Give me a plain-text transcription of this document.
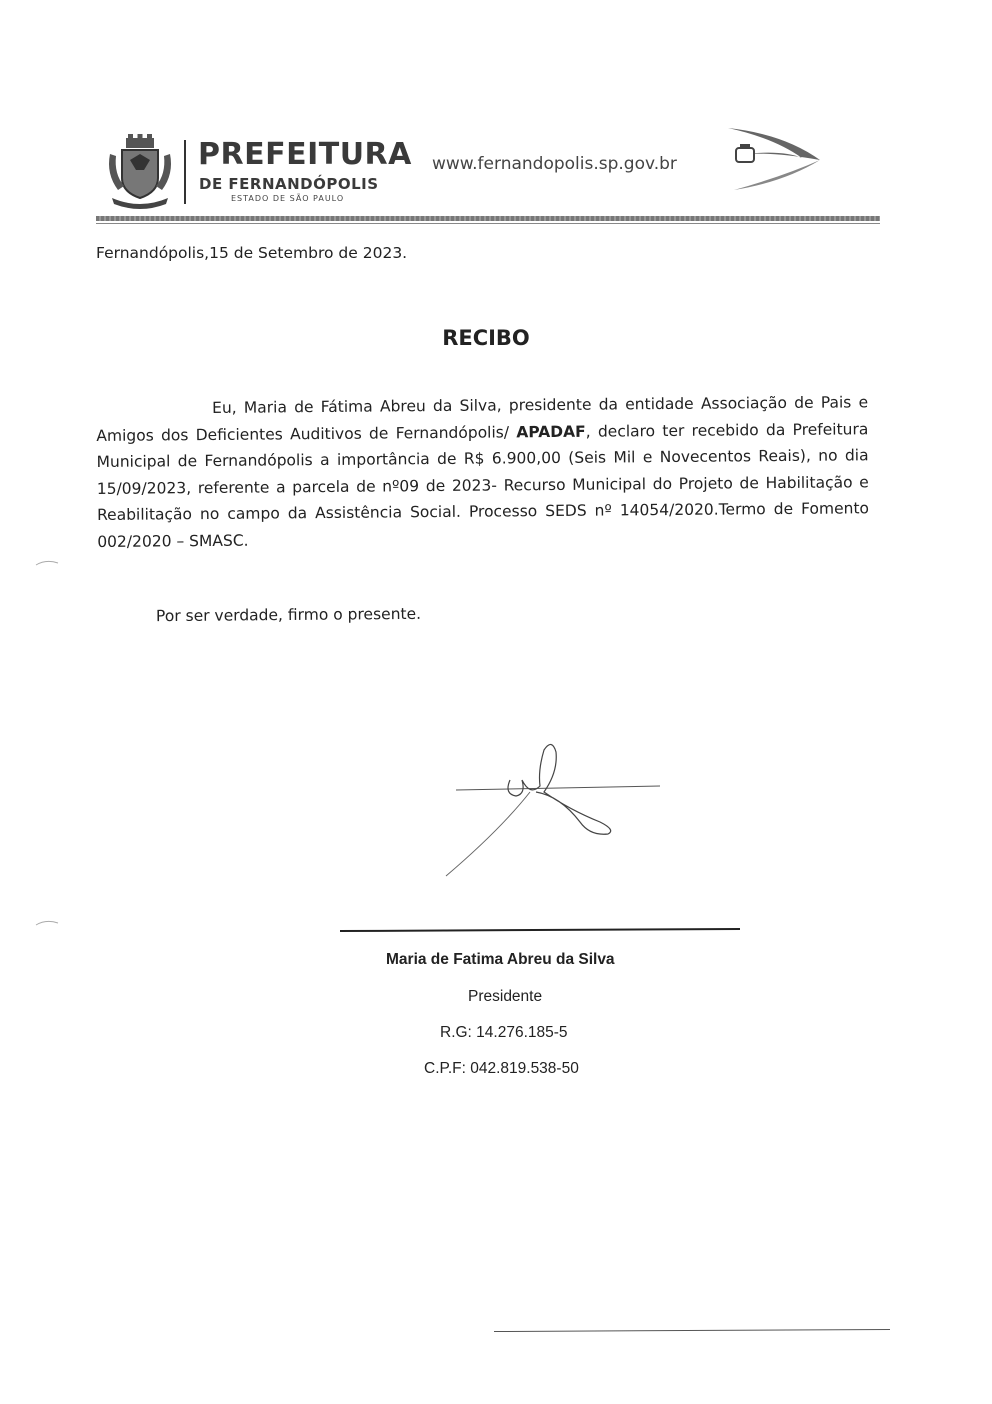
PREFEITURA
DE FERNANDÓPOLIS
ESTADO DE SÃO PAULO
www.fernandopolis.sp.gov.br
Fernandópolis,15 de Setembro de 2023.
RECIBO
Eu, Maria de Fátima Abreu da Silva, presidente da entidade Associação de Pais e Amigos dos Deficientes Auditivos de Fernandópolis/ APADAF, declaro ter recebido da Prefeitura Municipal de Fernandópolis a importância de R$ 6.900,00 (Seis Mil e Novecentos Reais), no dia 15/09/2023, referente a parcela de nº09 de 2023- Recurso Municipal do Projeto de Habilitação e Reabilitação no campo da Assistência Social. Processo SEDS nº 14054/2020.Termo de Fomento 002/2020 – SMASC.
Por ser verdade, firmo o presente.
Maria de Fatima Abreu da Silva
Presidente
R.G: 14.276.185-5
C.P.F: 042.819.538-50
